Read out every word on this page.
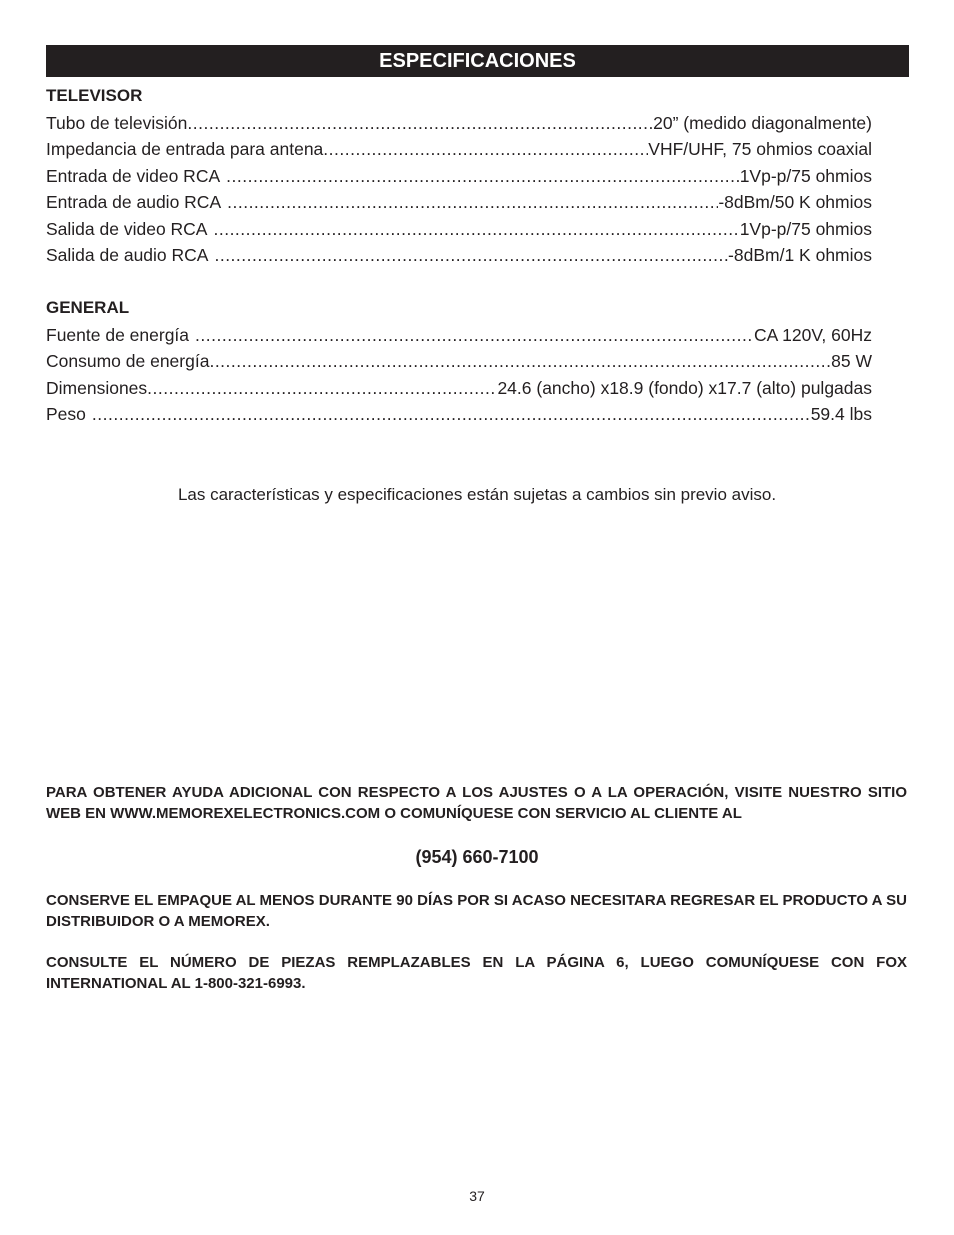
ESPECIFICACIONES
TELEVISOR
Tubo de televisión .....	20” (medido diagonalmente)
Impedancia de entrada para antena .....	VHF/UHF, 75 ohmios coaxial
Entrada de video RCA .....	1Vp-p/75 ohmios
Entrada de audio RCA .....	-8dBm/50 K ohmios
Salida de video RCA .....	1Vp-p/75 ohmios
Salida de audio RCA .....	-8dBm/1 K ohmios
GENERAL
Fuente de energía .....	CA 120V, 60Hz
Consumo de energía .....	85 W
Dimensiones .....	24.6 (ancho) x18.9 (fondo) x17.7 (alto) pulgadas
Peso .....	59.4 lbs
Las características y especificaciones están sujetas a cambios sin previo aviso.
PARA OBTENER AYUDA ADICIONAL CON RESPECTO A LOS AJUSTES O A LA OPERACIÓN, VISITE NUESTRO SITIO WEB EN WWW.MEMOREXELECTRONICS.COM O COMUNÍQUESE CON SERVICIO AL CLIENTE AL
(954) 660-7100
CONSERVE EL EMPAQUE AL MENOS DURANTE 90 DÍAS POR SI ACASO NECESITARA REGRESAR EL PRODUCTO A SU DISTRIBUIDOR O A MEMOREX.
CONSULTE EL NÚMERO DE PIEZAS REMPLAZABLES EN LA PÁGINA 6, LUEGO COMUNÍQUESE CON FOX INTERNATIONAL AL 1-800-321-6993.
37
